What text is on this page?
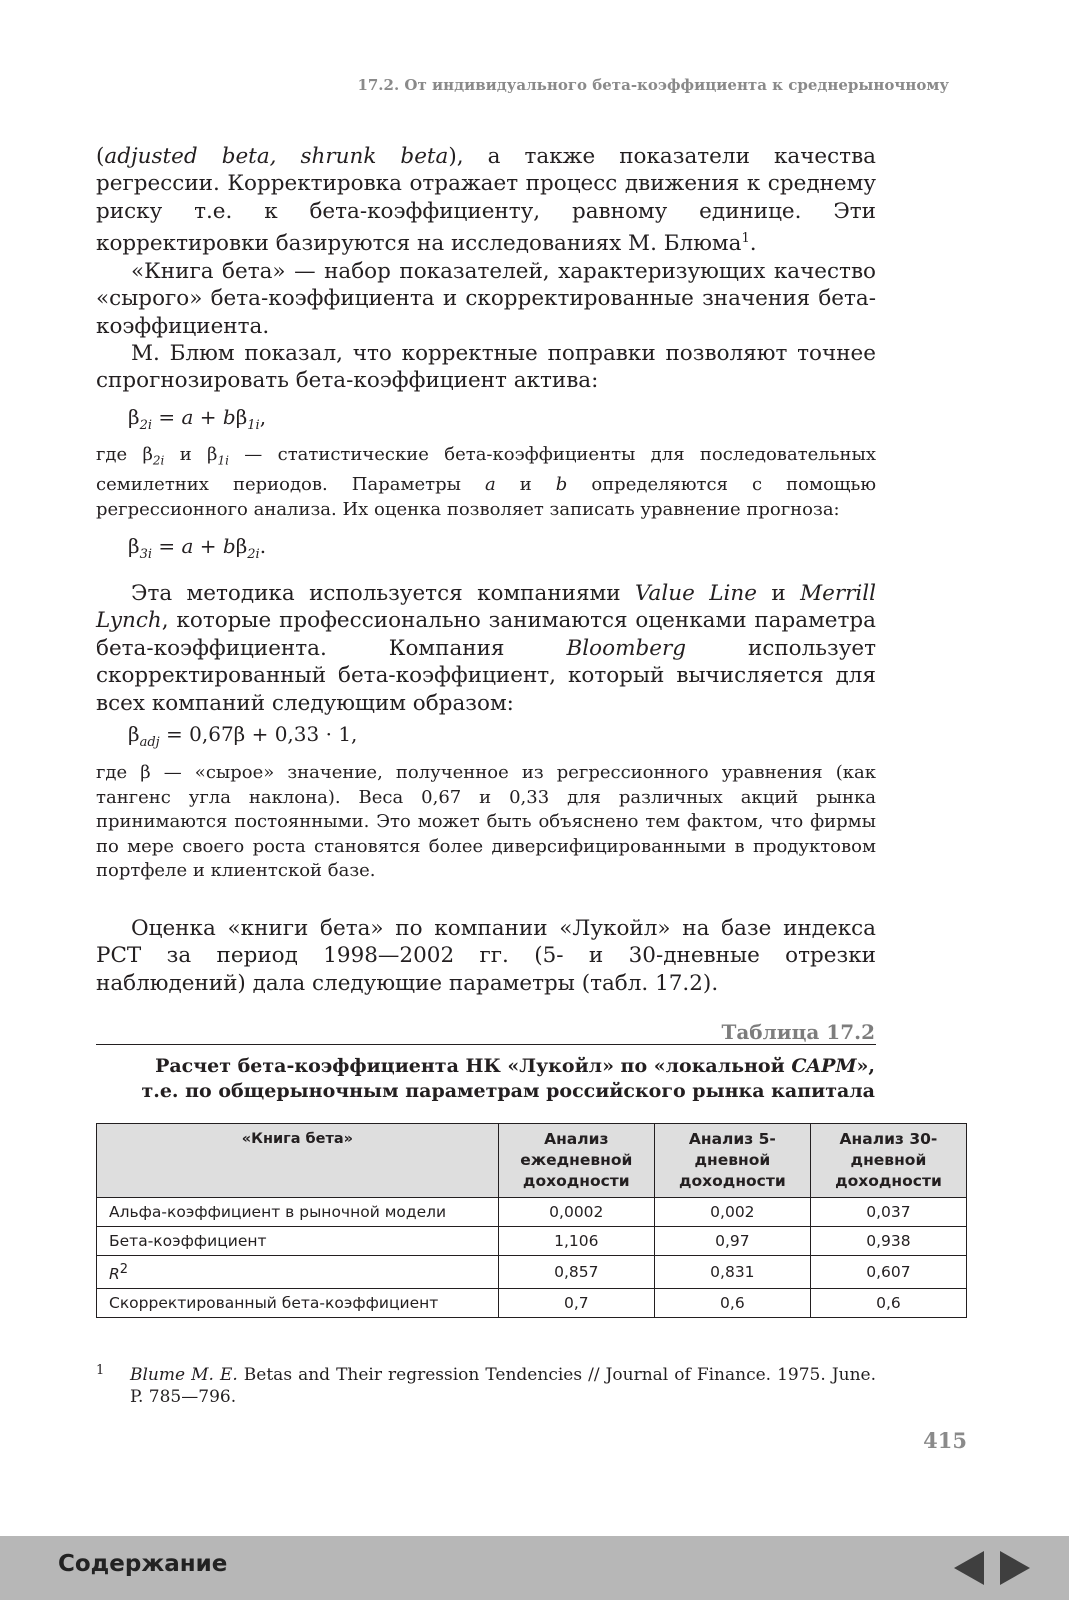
17.2. От индивидуального бета-коэффициента к среднерыночному

(adjusted beta, shrunk beta), а также показатели качества регрессии. Корректировка отражает процесс движения к среднему риску т.е. к бета-коэффициенту, равному единице. Эти корректировки базируются на исследованиях М. Блюма$^1$.

«Книга бета» — набор показателей, характеризующих качество «сырого» бета-коэффициента и скорректированные значения бета-коэффициента.

М. Блюм показал, что корректные поправки позволяют точнее спрогнозировать бета-коэффициент актива:

$\beta_{2i} = a + b\beta_{1i}$,

где $\beta_{2i}$ и $\beta_{1i}$ — статистические бета-коэффициенты для последовательных семилетних периодов. Параметры a и b определяются с помощью регрессионного анализа. Их оценка позволяет записать уравнение прогноза:

$\beta_{3i} = a + b\beta_{2i}$.

Эта методика используется компаниями Value Line и Merrill Lynch, которые профессионально занимаются оценками параметра бета-коэффициента. Компания Bloomberg использует скорректированный бета-коэффициент, который вычисляется для всех компаний следующим образом:

$\beta_{adj} = 0,67\beta + 0,33 \cdot 1$,

где β — «сырое» значение, полученное из регрессионного уравнения (как тангенс угла наклона). Веса 0,67 и 0,33 для различных акций рынка принимаются постоянными. Это может быть объяснено тем фактом, что фирмы по мере своего роста становятся более диверсифицированными в продуктовом портфеле и клиентской базе.

Оценка «книги бета» по компании «Лукойл» на базе индекса РСТ за период 1998—2002 гг. (5- и 30-дневные отрезки наблюдений) дала следующие параметры (табл. 17.2).

Таблица 17.2
Расчет бета-коэффициента НК «Лукойл» по «локальной CAPM»,
т.е. по общерыночным параметрам российского рынка капитала
«Книга бета»	Анализ ежедневной доходности	Анализ 5-дневной доходности	Анализ 30-дневной доходности
Альфа-коэффициент в рыночной модели	0,0002	0,002	0,037
Бета-коэффициент	1,106	0,97	0,938
$R^2$	0,857	0,831	0,607
Скорректированный бета-коэффициент	0,7	0,6	0,6
1 Blume M. E. Betas and Their regression Tendencies // Journal of Finance. 1975. June. P. 785—796.
415
Содержание
